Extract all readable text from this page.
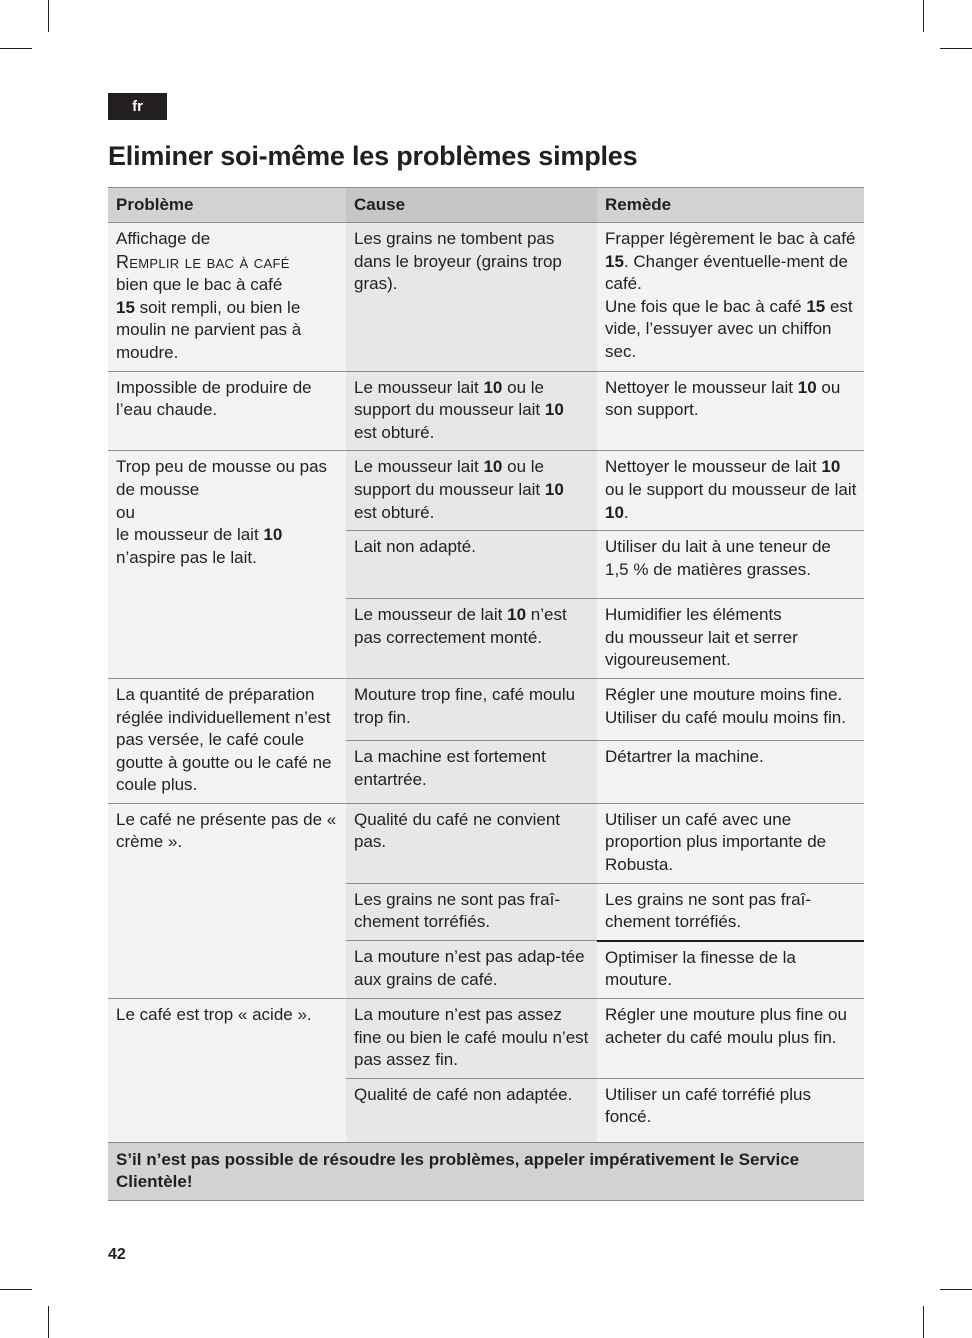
fr
Eliminer soi-même les problèmes simples
Problème	Cause	Remède
Affichage de
Remplir le bac à café
bien que le bac à café
15 soit rempli, ou bien le moulin ne parvient pas à moudre.	Les grains ne tombent pas dans le broyeur (grains trop gras).	Frapper légèrement le bac à café 15. Changer éventuelle-ment de café.
Une fois que le bac à café 15 est vide, l’essuyer avec un chiffon sec.
Impossible de produire de l’eau chaude.	Le mousseur lait 10 ou le support du mousseur lait 10 est obturé.	Nettoyer le mousseur lait 10 ou son support.
Trop peu de mousse ou pas de mousse
ou
le mousseur de lait 10
n’aspire pas le lait.	Le mousseur lait 10 ou le support du mousseur lait 10 est obturé.	Nettoyer le mousseur de lait 10 ou le support du mousseur de lait 10.
	Lait non adapté.	Utiliser du lait à une teneur de 1,5 % de matières grasses.
	Le mousseur de lait 10 n’est pas correctement monté.	Humidifier les éléments
du mousseur lait et serrer vigoureusement.
La quantité de préparation réglée individuellement n’est pas versée, le café coule goutte à goutte ou le café ne coule plus.	Mouture trop fine, café moulu trop fin.	Régler une mouture moins fine. Utiliser du café moulu moins fin.
	La machine est fortement entartrée.	Détartrer la machine.
Le café ne présente pas de « crème ».	Qualité du café ne convient pas.	Utiliser un café avec une proportion plus importante de Robusta.
	Les grains ne sont pas fraî-chement torréfiés.	Les grains ne sont pas fraî-chement torréfiés.
	La mouture n’est pas adap-tée aux grains de café.	Optimiser la finesse de la mouture.
Le café est trop « acide ».	La mouture n’est pas assez fine ou bien le café moulu n’est pas assez fin.	Régler une mouture plus fine ou acheter du café moulu plus fin.
	Qualité de café non adaptée.	Utiliser un café torréfié plus foncé.
S’il n’est pas possible de résoudre les problèmes, appeler impérativement le Service Clientèle!		
42
